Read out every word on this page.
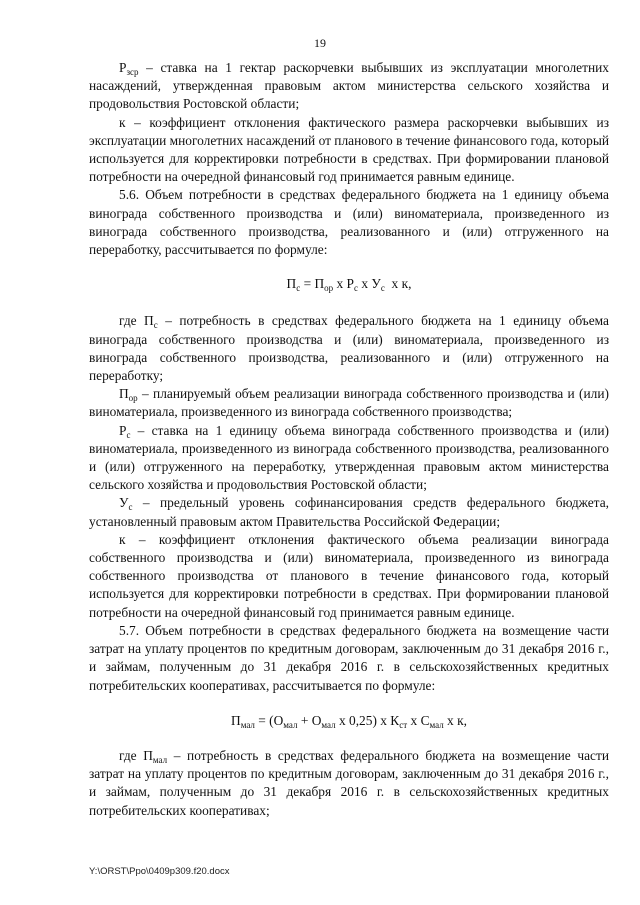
19

$Р_{зср}$ – ставка на 1 гектар раскорчевки выбывших из эксплуатации многолетних насаждений, утвержденная правовым актом министерства сельского хозяйства и продовольствия Ростовской области;

к – коэффициент отклонения фактического размера раскорчевки выбывших из эксплуатации многолетних насаждений от планового в течение финансового года, который используется для корректировки потребности в средствах. При формировании плановой потребности на очередной финансовый год принимается равным единице.

5.6. Объем потребности в средствах федерального бюджета на 1 единицу объема винограда собственного производства и (или) виноматериала, произведенного из винограда собственного производства, реализованного и (или) отгруженного на переработку, рассчитывается по формуле:

$П_с = П_{ор}$ х $Р_с$ х $У_с$  х к,

где $П_с$ – потребность в средствах федерального бюджета на 1 единицу объема винограда собственного производства и (или) виноматериала, произведенного из винограда собственного производства, реализованного и (или) отгруженного на переработку;

$П_{ор}$ – планируемый объем реализации винограда собственного производства и (или) виноматериала, произведенного из винограда собственного производства;

$Р_с$ – ставка на 1 единицу объема винограда собственного производства и (или) виноматериала, произведенного из винограда собственного производства, реализованного и (или) отгруженного на переработку, утвержденная правовым актом министерства сельского хозяйства и продовольствия Ростовской области;

$У_с$ – предельный уровень софинансирования средств федерального бюджета, установленный правовым актом Правительства Российской Федерации;

к – коэффициент отклонения фактического объема реализации винограда собственного производства и (или) виноматериала, произведенного из винограда собственного производства от планового в течение финансового года, который используется для корректировки потребности в средствах. При формировании плановой потребности на очередной финансовый год принимается равным единице.

5.7. Объем потребности в средствах федерального бюджета на возмещение части затрат на уплату процентов по кредитным договорам, заключенным до 31 декабря 2016 г., и займам, полученным до 31 декабря 2016 г. в сельскохозяйственных кредитных потребительских кооперативах, рассчитывается по формуле:

$П_{мал} = (О_{мал} + О_{мал}$ х 0,25) х $К_{ст}$ х $С_{мал}$ х к,

где $П_{мал}$ – потребность в средствах федерального бюджета на возмещение части затрат на уплату процентов по кредитным договорам, заключенным до 31 декабря 2016 г., и займам, полученным до 31 декабря 2016 г. в сельскохозяйственных кредитных потребительских кооперативах;

Y:\ORST\Ppo\0409p309.f20.docx
